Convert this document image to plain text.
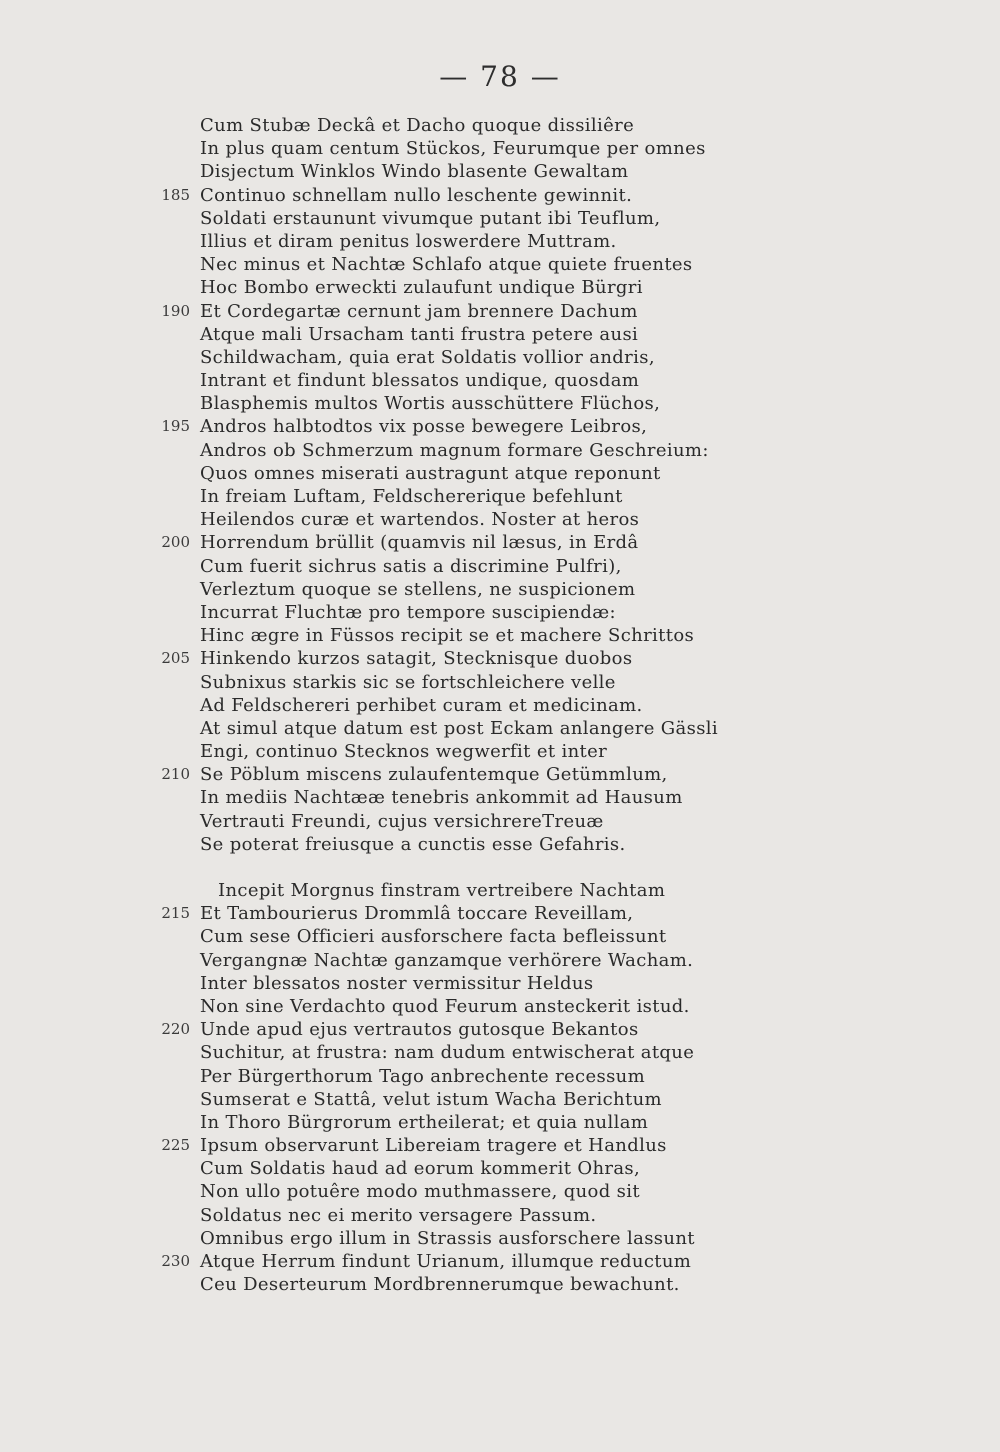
— 78 —
Cum Stubæ Deckâ et Dacho quoque dissiliêre
In plus quam centum Stückos, Feurumque per omnes
Disjectum Winklos Windo blasente Gewaltam
185 Continuo schnellam nullo leschente gewinnit.
Soldati erstaununt vivumque putant ibi Teuflum,
Illius et diram penitus loswerdere Muttram.
Nec minus et Nachtæ Schlafo atque quiete fruentes
Hoc Bombo erweckti zulaufunt undique Bürgri
190 Et Cordegartæ cernunt jam brennere Dachum
Atque mali Ursacham tanti frustra petere ausi
Schildwacham, quia erat Soldatis vollior andris,
Intrant et findunt blessatos undique, quosdam
Blasphemis multos Wortis ausschüttere Flüchos,
195 Andros halbtodtos vix posse bewegere Leibros,
Andros ob Schmerzum magnum formare Geschreium:
Quos omnes miserati austragunt atque reponunt
In freiam Luftam, Feldschererique befehlunt
Heilendos curæ et wartendos. Noster at heros
200 Horrendum brüllit (quamvis nil læsus, in Erdâ
Cum fuerit sichrus satis a discrimine Pulfri),
Verleztum quoque se stellens, ne suspicionem
Incurrat Fluchtæ pro tempore suscipiendæ:
Hinc ægre in Füssos recipit se et machere Schrittos
205 Hinkendo kurzos satagit, Stecknisque duobos
Subnixus starkis sic se fortschleichere velle
Ad Feldschereri perhibet curam et medicinam.
At simul atque datum est post Eckam anlangere Gässli
Engi, continuo Stecknos wegwerfit et inter
210 Se Pöblum miscens zulaufentemque Getümmlum,
In mediis Nachtææ tenebris ankommit ad Hausum
Vertrauti Freundi, cujus versichrereTreuæ
Se poterat freiusque a cunctis esse Gefahris.
Incepit Morgnus finstram vertreibere Nachtam
215 Et Tambourierus Drommlâ toccare Reveillam,
Cum sese Officieri ausforschere facta befleissunt
Vergangnæ Nachtæ ganzamque verhörere Wacham.
Inter blessatos noster vermissitur Heldus
Non sine Verdachto quod Feurum ansteckerit istud.
220 Unde apud ejus vertrautos gutosque Bekantos
Suchitur, at frustra: nam dudum entwischerat atque
Per Bürgerthorum Tago anbrechente recessum
Sumserat e Stattâ, velut istum Wacha Berichtum
In Thoro Bürgrorum ertheilerat; et quia nullam
225 Ipsum observarunt Libereiam tragere et Handlus
Cum Soldatis haud ad eorum kommerit Ohras,
Non ullo potuêre modo muthmassere, quod sit
Soldatus nec ei merito versagere Passum.
Omnibus ergo illum in Strassis ausforschere lassunt
230 Atque Herrum findunt Urianum, illumque reductum
Ceu Deserteurum Mordbrennerumque bewachunt.
